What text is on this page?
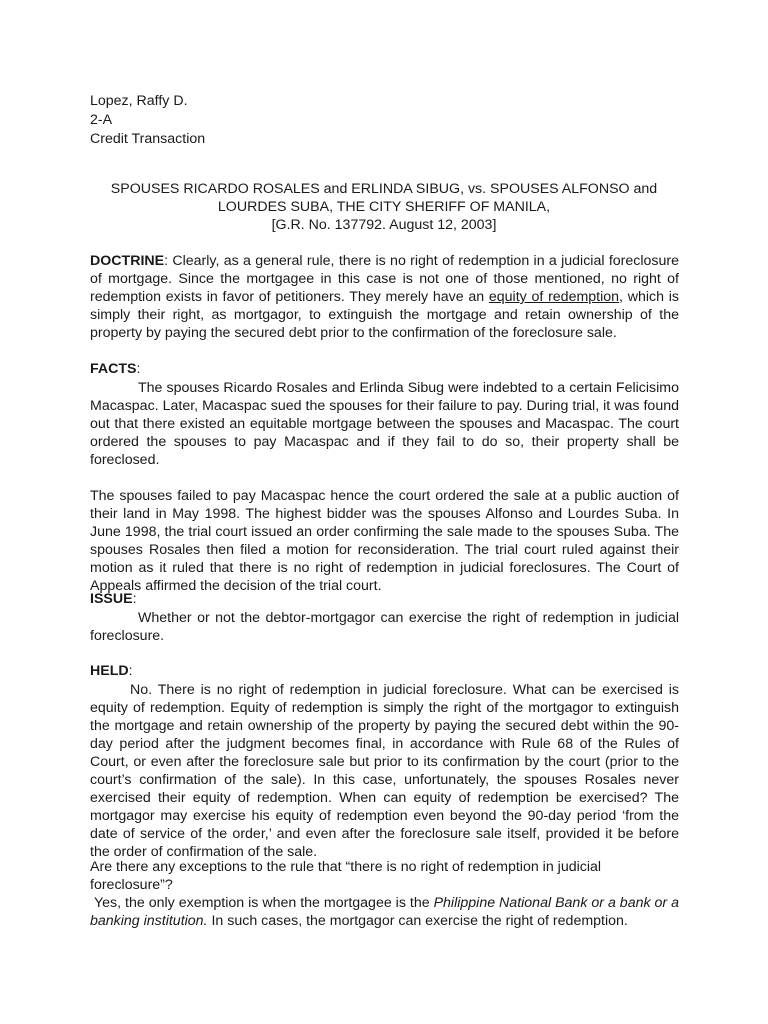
Lopez, Raffy D.
2-A
Credit Transaction

SPOUSES RICARDO ROSALES and ERLINDA SIBUG, vs. SPOUSES ALFONSO and

LOURDES SUBA, THE CITY SHERIFF OF MANILA,

[G.R. No. 137792. August 12, 2003]

DOCTRINE: Clearly, as a general rule, there is no right of redemption in a judicial foreclosure of mortgage. Since the mortgagee in this case is not one of those mentioned, no right of redemption exists in favor of petitioners. They merely have an equity of redemption, which is simply their right, as mortgagor, to extinguish the mortgage and retain ownership of the property by paying the secured debt prior to the confirmation of the foreclosure sale.

FACTS:

The spouses Ricardo Rosales and Erlinda Sibug were indebted to a certain Felicisimo Macaspac. Later, Macaspac sued the spouses for their failure to pay. During trial, it was found out that there existed an equitable mortgage between the spouses and Macaspac. The court ordered the spouses to pay Macaspac and if they fail to do so, their property shall be foreclosed.

The spouses failed to pay Macaspac hence the court ordered the sale at a public auction of their land in May 1998. The highest bidder was the spouses Alfonso and Lourdes Suba. In June 1998, the trial court issued an order confirming the sale made to the spouses Suba. The spouses Rosales then filed a motion for reconsideration. The trial court ruled against their motion as it ruled that there is no right of redemption in judicial foreclosures. The Court of Appeals affirmed the decision of the trial court.

ISSUE:

Whether or not the debtor-mortgagor can exercise the right of redemption in judicial foreclosure.

HELD:

No. There is no right of redemption in judicial foreclosure. What can be exercised is equity of redemption. Equity of redemption is simply the right of the mortgagor to extinguish the mortgage and retain ownership of the property by paying the secured debt within the 90-day period after the judgment becomes final, in accordance with Rule 68 of the Rules of Court, or even after the foreclosure sale but prior to its confirmation by the court (prior to the court’s confirmation of the sale). In this case, unfortunately, the spouses Rosales never exercised their equity of redemption. When can equity of redemption be exercised? The mortgagor may exercise his equity of redemption even beyond the 90-day period ‘from the date of service of the order,’ and even after the foreclosure sale itself, provided it be before the order of confirmation of the sale.

Are there any exceptions to the rule that “there is no right of redemption in judicial foreclosure”?

Yes, the only exemption is when the mortgagee is the Philippine National Bank or a bank or a banking institution. In such cases, the mortgagor can exercise the right of redemption.
